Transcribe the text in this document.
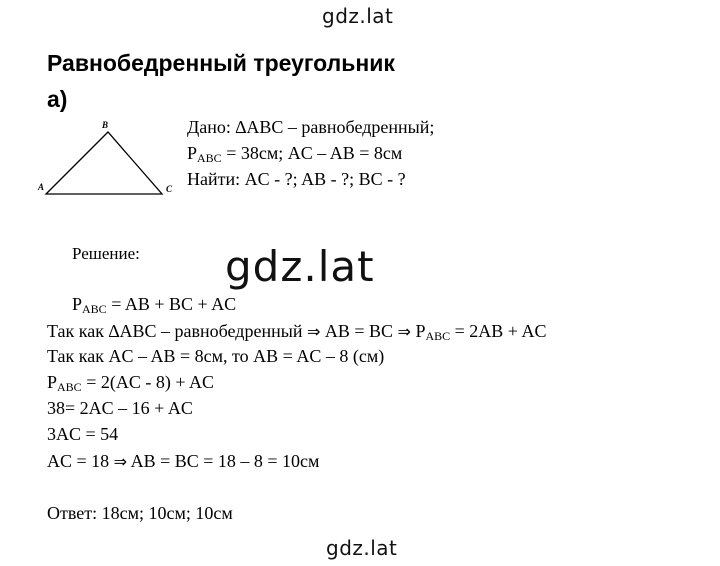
gdz.lat
Равнобедренный треугольник
а)
B
A	C
Дано: ∆ABC – равнобедренный;
$P_{ABC} = 38см$; AC – AB = 8см
Найти: AC - ?; AB - ?; BC - ?
Решение: gdz.lat
$P_{ABC}$ = AB + BC + AC
Так как ∆ABC – равнобедренный ⇒ AB = BC ⇒ $P_{ABC} = 2AB$ + AC
Так как AC – AB = 8см, то AB = AC – 8 (см)
$P_{ABC} = 2(AC - 8)$ + AC
38= 2AC – 16 + AC
3AC = 54
AC = 18 ⇒ AB = BC = 18 – 8 = 10см
Ответ: 18см; 10см; 10см
gdz.lat
